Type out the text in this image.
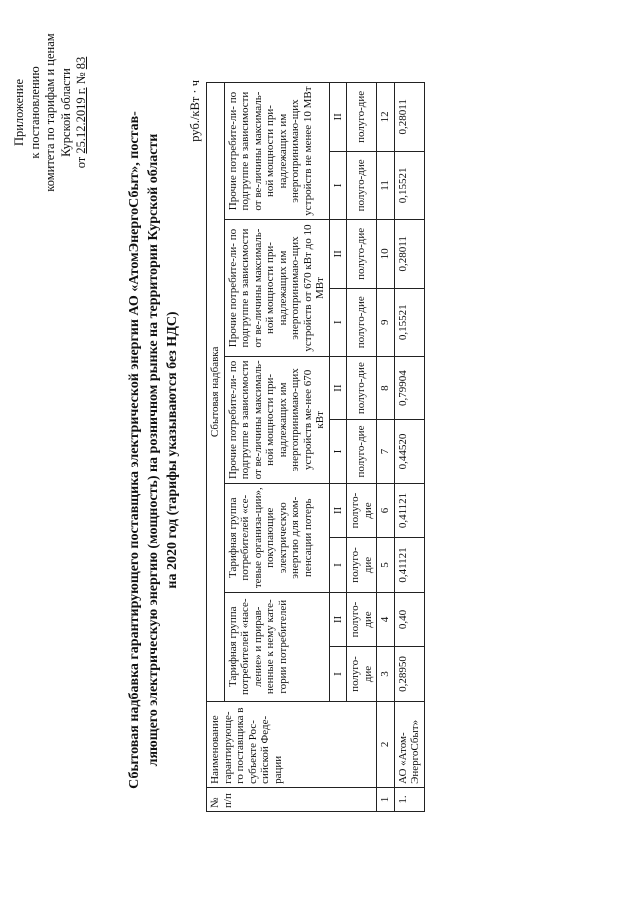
Приложение к постановлению комитета по тарифам и ценам Курской области
от 25.12.2019 г. № 83
Сбытовая надбавка гарантирующего поставщика электрической энергии АО «АтомЭнергоСбыт», постав- ляющего электрическую энергию (мощность) на розничном рынке на территории Курской области на 2020 год (тарифы указываются без НДС)
руб./кВт · ч
№ п/п	Наименование гарантирующе-го поставщика в субъекте Рос-сийской Феде-рации	Сбытовая надбавка									
		Тарифная группа потребителей «насе-ление» и прирав-ненные к нему кате-гории потребителей		Тарифная группа потребителей «се-тевые организа-ции», покупающие электрическую энергию для ком-пенсации потерь		Прочие потребите-ли- по подгруппе в зависимости от ве-личины максималь-ной мощности при-надлежащих им энергопринимаю-щих устройств ме-нее 670 кВт		Прочие потребите-ли- по подгруппе в зависимости от ве-личины максималь-ной мощности при-надлежащих им энергопринимаю-щих устройств от 670 кВт до 10 МВт		Прочие потребите-ли- по подгруппе в зависимости от ве-личины максималь-ной мощности при-надлежащих им энергопринимаю-щих устройств не менее 10 МВт	
		I	II	I	II	I	II	I	II	I	II
		полуго-дие	полуго-дие	полуго-дие	полуго-дие	полуго-дие	полуго-дие	полуго-дие	полуго-дие	полуго-дие	полуго-дие
1	2	3	4	5	6	7	8	9	10	11	12
1.	АО «Атом-ЭнергоСбыт»	0,28950	0,40	0,41121	0,41121	0,44520	0,79904	0,15521	0,28011	0,15521	0,28011
